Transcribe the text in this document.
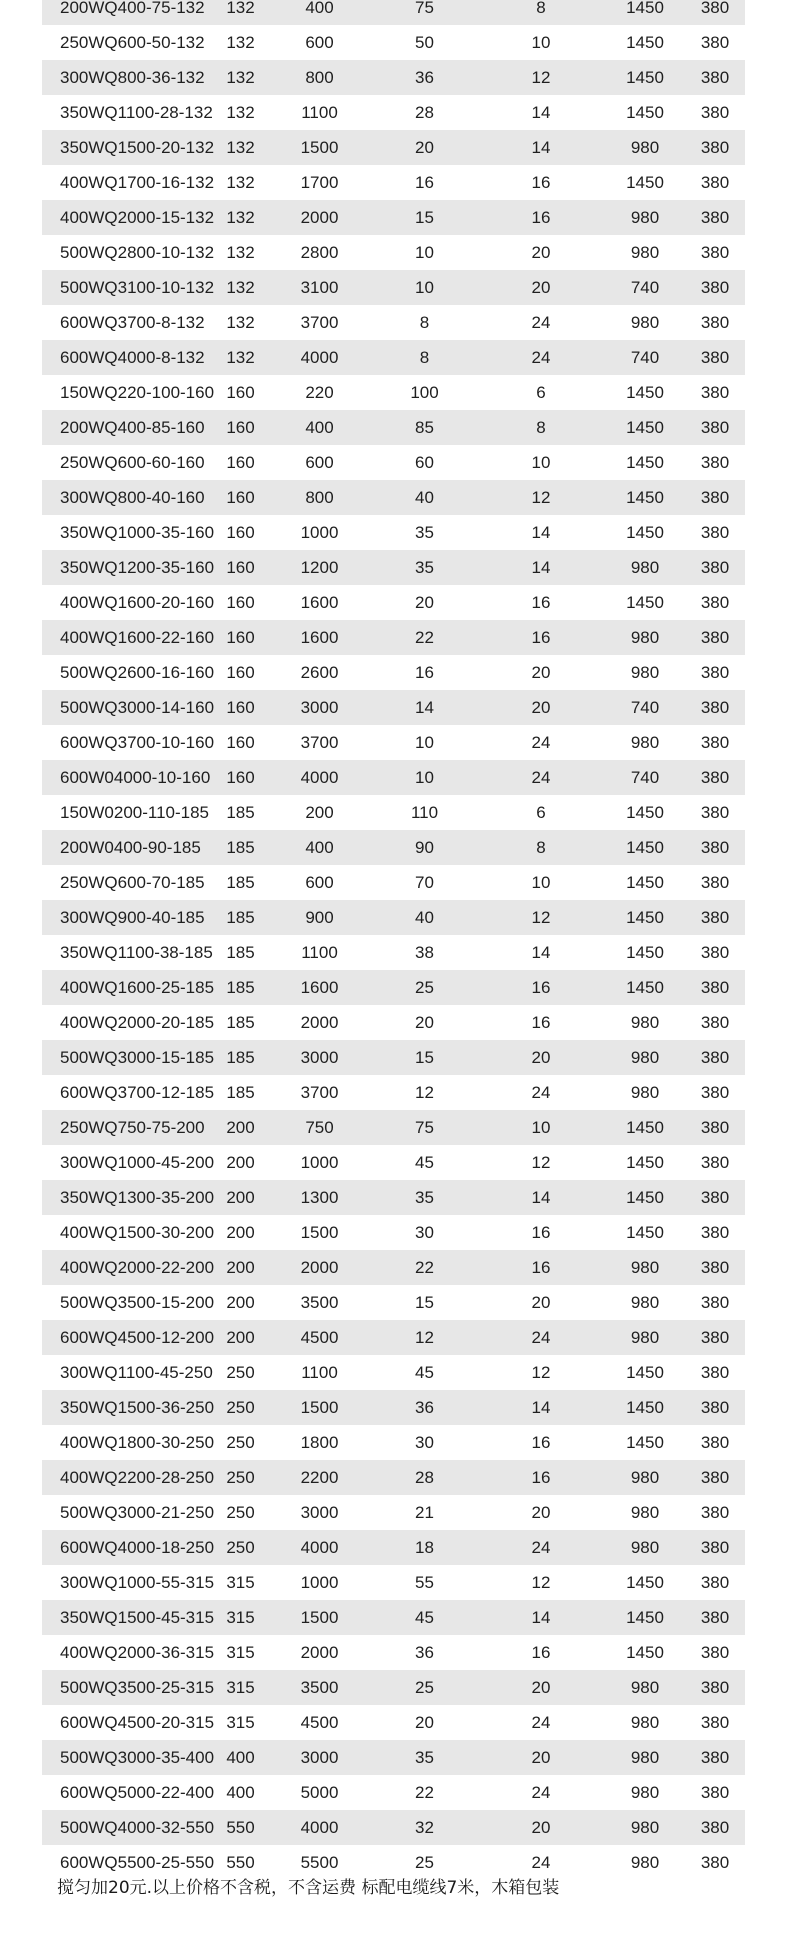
200WQ400-75-132	132	400	75	8	1450	380
250WQ600-50-132	132	600	50	10	1450	380
300WQ800-36-132	132	800	36	12	1450	380
350WQ1100-28-132	132	1100	28	14	1450	380
350WQ1500-20-132	132	1500	20	14	980	380
400WQ1700-16-132	132	1700	16	16	1450	380
400WQ2000-15-132	132	2000	15	16	980	380
500WQ2800-10-132	132	2800	10	20	980	380
500WQ3100-10-132	132	3100	10	20	740	380
600WQ3700-8-132	132	3700	8	24	980	380
600WQ4000-8-132	132	4000	8	24	740	380
150WQ220-100-160	160	220	100	6	1450	380
200WQ400-85-160	160	400	85	8	1450	380
250WQ600-60-160	160	600	60	10	1450	380
300WQ800-40-160	160	800	40	12	1450	380
350WQ1000-35-160	160	1000	35	14	1450	380
350WQ1200-35-160	160	1200	35	14	980	380
400WQ1600-20-160	160	1600	20	16	1450	380
400WQ1600-22-160	160	1600	22	16	980	380
500WQ2600-16-160	160	2600	16	20	980	380
500WQ3000-14-160	160	3000	14	20	740	380
600WQ3700-10-160	160	3700	10	24	980	380
600W04000-10-160	160	4000	10	24	740	380
150W0200-110-185	185	200	110	6	1450	380
200W0400-90-185	185	400	90	8	1450	380
250WQ600-70-185	185	600	70	10	1450	380
300WQ900-40-185	185	900	40	12	1450	380
350WQ1100-38-185	185	1100	38	14	1450	380
400WQ1600-25-185	185	1600	25	16	1450	380
400WQ2000-20-185	185	2000	20	16	980	380
500WQ3000-15-185	185	3000	15	20	980	380
600WQ3700-12-185	185	3700	12	24	980	380
250WQ750-75-200	200	750	75	10	1450	380
300WQ1000-45-200	200	1000	45	12	1450	380
350WQ1300-35-200	200	1300	35	14	1450	380
400WQ1500-30-200	200	1500	30	16	1450	380
400WQ2000-22-200	200	2000	22	16	980	380
500WQ3500-15-200	200	3500	15	20	980	380
600WQ4500-12-200	200	4500	12	24	980	380
300WQ1100-45-250	250	1100	45	12	1450	380
350WQ1500-36-250	250	1500	36	14	1450	380
400WQ1800-30-250	250	1800	30	16	1450	380
400WQ2200-28-250	250	2200	28	16	980	380
500WQ3000-21-250	250	3000	21	20	980	380
600WQ4000-18-250	250	4000	18	24	980	380
300WQ1000-55-315	315	1000	55	12	1450	380
350WQ1500-45-315	315	1500	45	14	1450	380
400WQ2000-36-315	315	2000	36	16	1450	380
500WQ3500-25-315	315	3500	25	20	980	380
600WQ4500-20-315	315	4500	20	24	980	380
500WQ3000-35-400	400	3000	35	20	980	380
600WQ5000-22-400	400	5000	22	24	980	380
500WQ4000-32-550	550	4000	32	20	980	380
600WQ5500-25-550	550	5500	25	24	980	380
搅匀加20元.以上价格不含税，不含运费 标配电缆线7米，木箱包装
